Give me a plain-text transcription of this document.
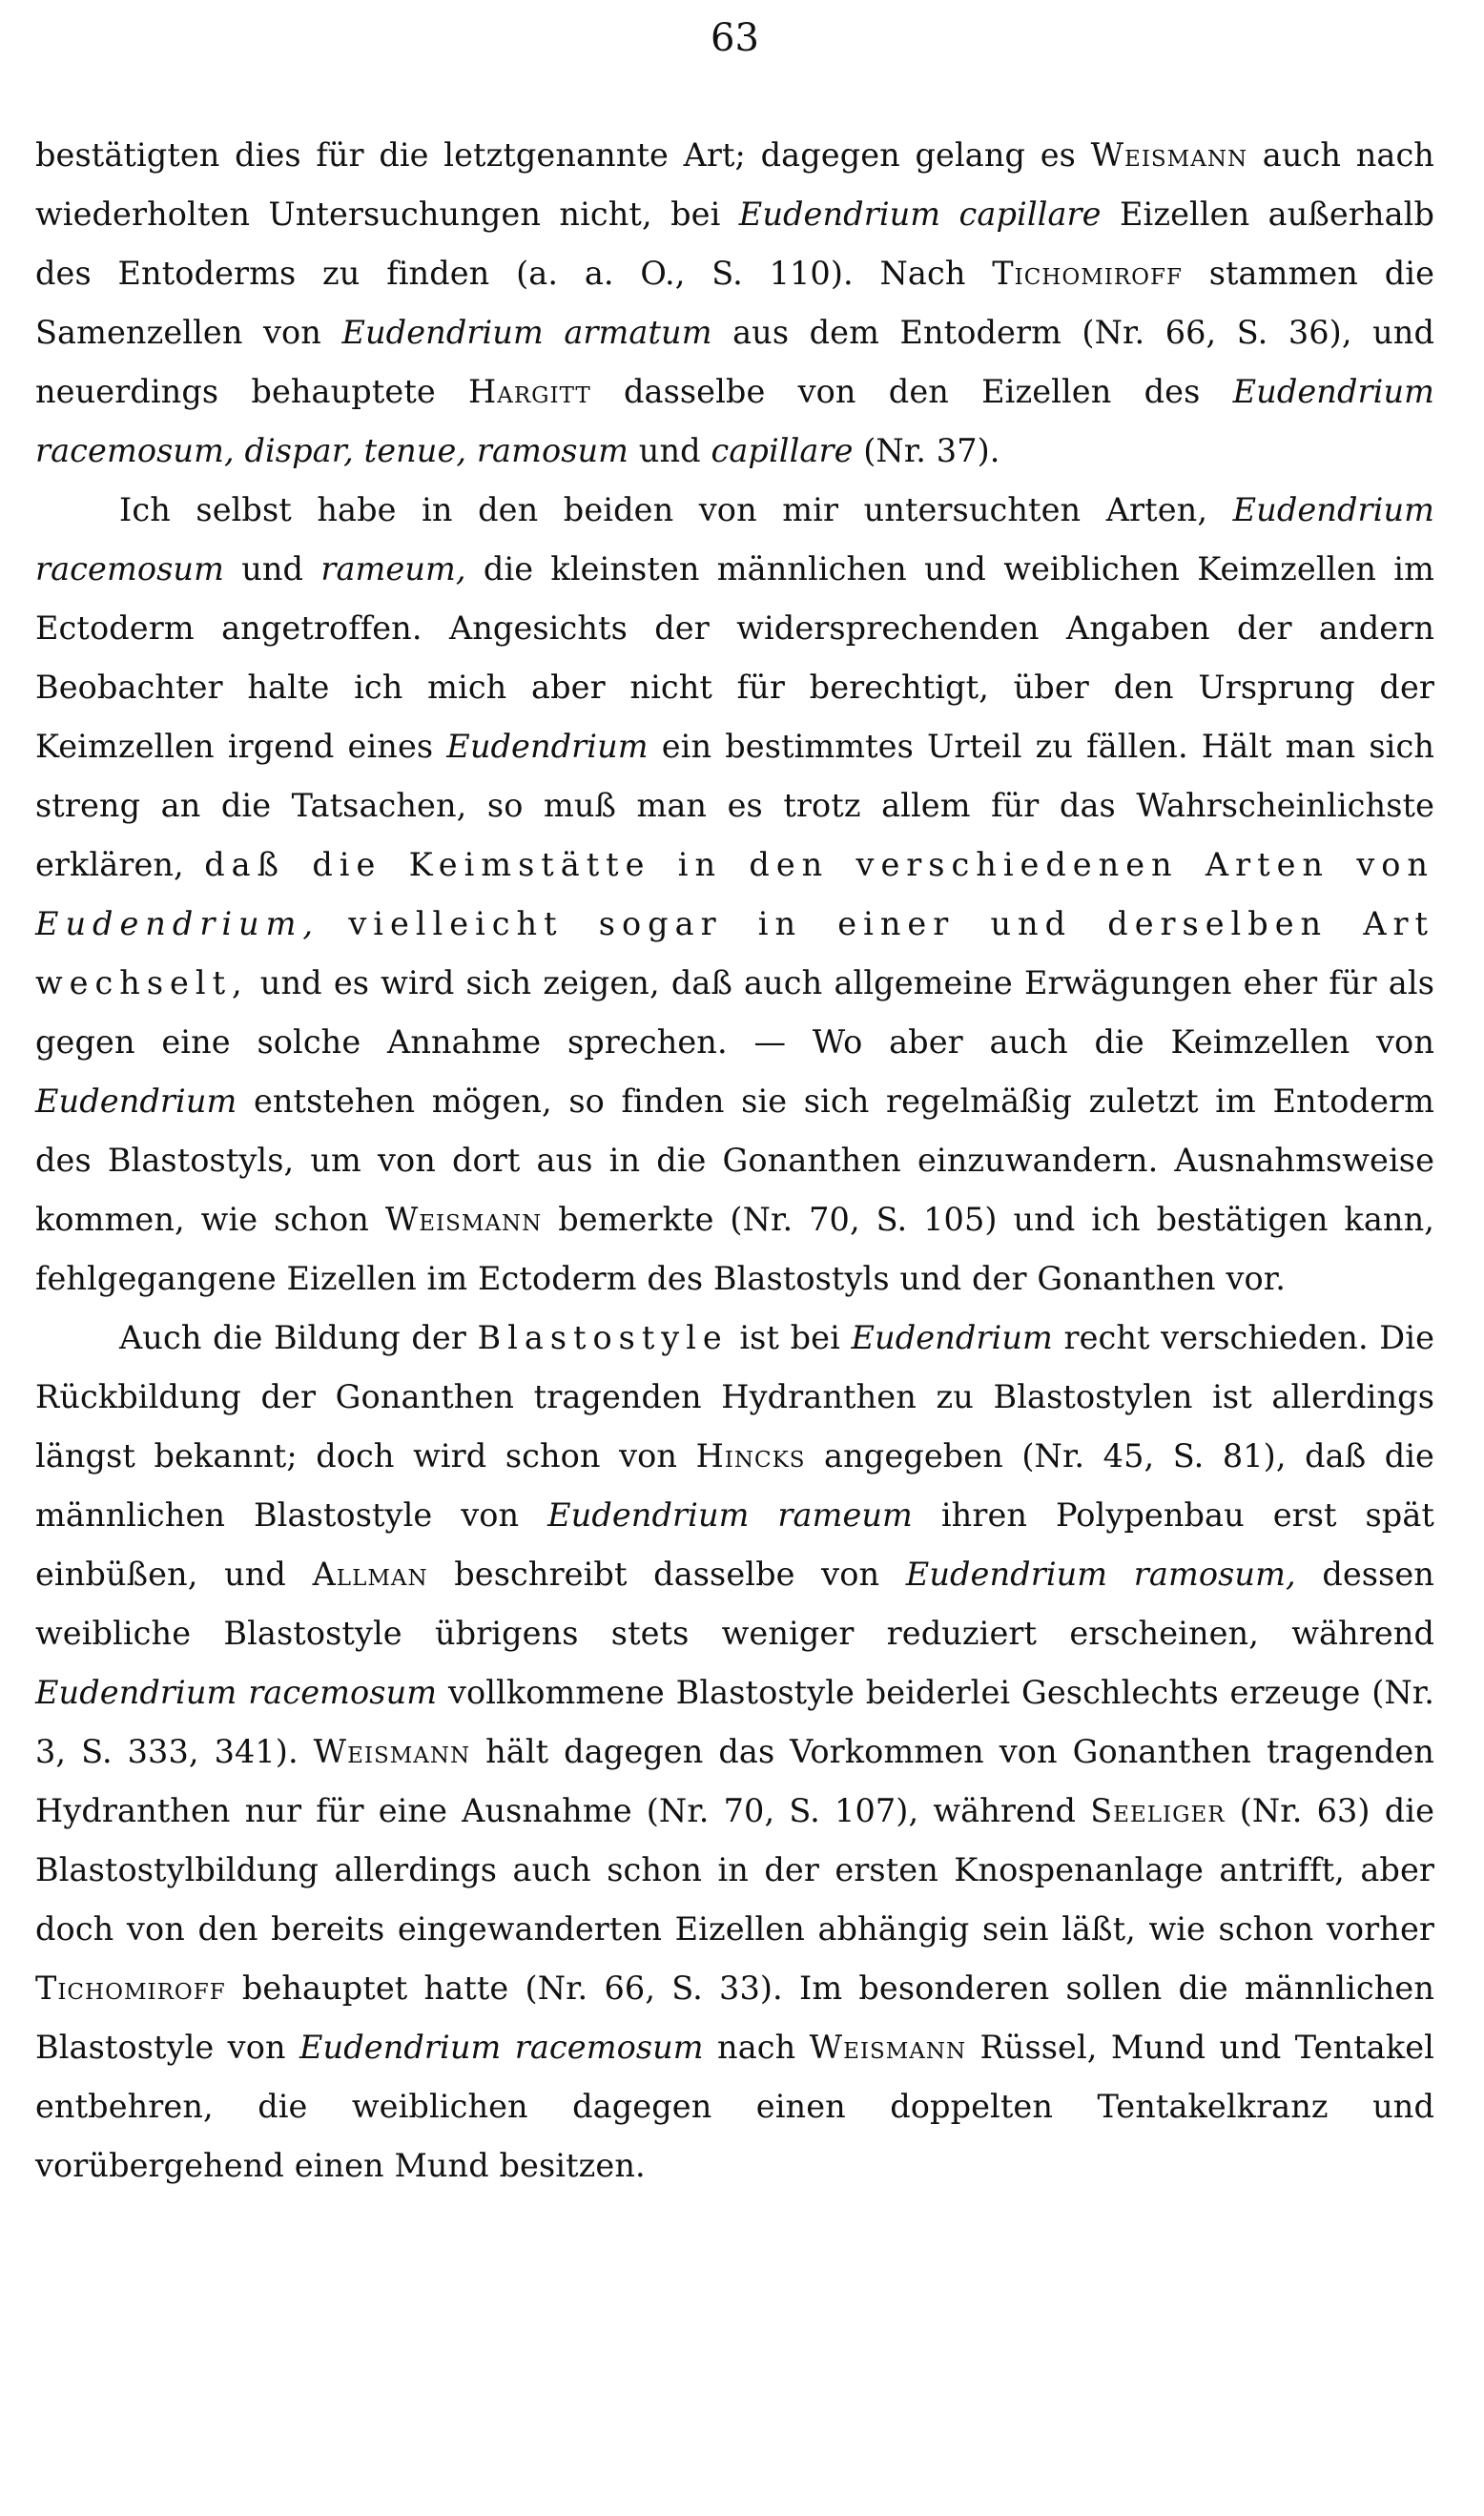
63

bestätigten dies für die letztgenannte Art; dagegen gelang es Weismann auch nach wiederholten Untersuchungen nicht, bei Eudendrium capillare Eizellen außerhalb des Entoderms zu finden (a. a. O., S. 110). Nach Tichomiroff stammen die Samenzellen von Eudendrium armatum aus dem Entoderm (Nr. 66, S. 36), und neuerdings behauptete Hargitt dasselbe von den Eizellen des Eudendrium racemosum, dispar, tenue, ramosum und capillare (Nr. 37).

Ich selbst habe in den beiden von mir untersuchten Arten, Eudendrium racemosum und rameum, die kleinsten männlichen und weiblichen Keimzellen im Ectoderm angetroffen. Angesichts der widersprechenden Angaben der andern Beobachter halte ich mich aber nicht für berechtigt, über den Ursprung der Keimzellen irgend eines Eudendrium ein bestimmtes Urteil zu fällen. Hält man sich streng an die Tatsachen, so muß man es trotz allem für das Wahrscheinlichste erklären, daß die Keimstätte in den verschiedenen Arten von Eudendrium, vielleicht sogar in einer und derselben Art wechselt, und es wird sich zeigen, daß auch allgemeine Erwägungen eher für als gegen eine solche Annahme sprechen. — Wo aber auch die Keimzellen von Eudendrium entstehen mögen, so finden sie sich regelmäßig zuletzt im Entoderm des Blastostyls, um von dort aus in die Gonanthen einzuwandern. Ausnahmsweise kommen, wie schon Weismann bemerkte (Nr. 70, S. 105) und ich bestätigen kann, fehlgegangene Eizellen im Ectoderm des Blastostyls und der Gonanthen vor.

Auch die Bildung der Blastostyle ist bei Eudendrium recht verschieden. Die Rückbildung der Gonanthen tragenden Hydranthen zu Blastostylen ist allerdings längst bekannt; doch wird schon von Hincks angegeben (Nr. 45, S. 81), daß die männlichen Blastostyle von Eudendrium rameum ihren Polypenbau erst spät einbüßen, und Allman beschreibt dasselbe von Eudendrium ramosum, dessen weibliche Blastostyle übrigens stets weniger reduziert erscheinen, während Eudendrium racemosum vollkommene Blastostyle beiderlei Geschlechts erzeuge (Nr. 3, S. 333, 341). Weismann hält dagegen das Vorkommen von Gonanthen tragenden Hydranthen nur für eine Ausnahme (Nr. 70, S. 107), während Seeliger (Nr. 63) die Blastostylbildung allerdings auch schon in der ersten Knospenanlage antrifft, aber doch von den bereits eingewanderten Eizellen abhängig sein läßt, wie schon vorher Tichomiroff behauptet hatte (Nr. 66, S. 33). Im besonderen sollen die männlichen Blastostyle von Eudendrium racemosum nach Weismann Rüssel, Mund und Tentakel entbehren, die weiblichen dagegen einen doppelten Tentakelkranz und vorübergehend einen Mund besitzen.
